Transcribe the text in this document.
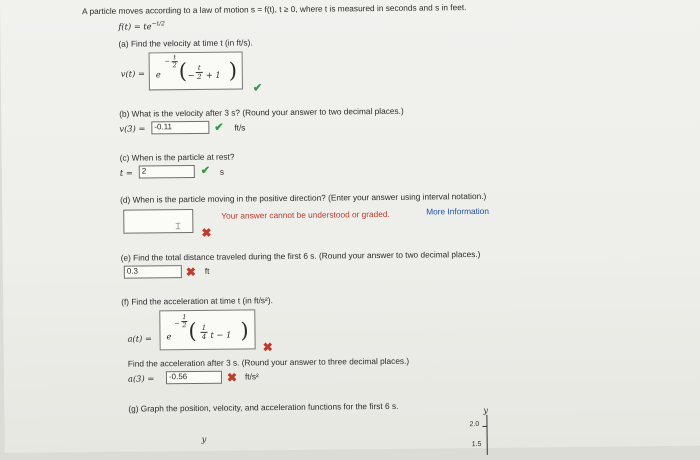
A particle moves according to a law of motion s = f(t), t ≥ 0, where t is measured in seconds and s in feet.
$f(t) = te^{-t/2}$
(a) Find the velocity at time t (in ft/s).
v(t) = e
−
t
2 ( −
t
2 + 1 )
✔
(b) What is the velocity after 3 s? (Round your answer to two decimal places.)
v(3) =	-0.11	✔ ft/s
(c) When is the particle at rest?
t =	2	✔ s
(d) When is the particle moving in the positive direction? (Enter your answer using interval notation.)
⌶ ✖
Your answer cannot be understood or graded.	More Information
(e) Find the total distance traveled during the first 6 s. (Round your answer to two decimal places.)
0.3	✖ ft
(f) Find the acceleration at time t (in ft/s²).
a(t) = e
−
1
2 ( 1
4 t − 1 )
✖
Find the acceleration after 3 s. (Round your answer to three decimal places.)
a(3) =	-0.56	✖ ft/s²
(g) Graph the position, velocity, and acceleration functions for the first 6 s.
y
y
2.0
1.5
